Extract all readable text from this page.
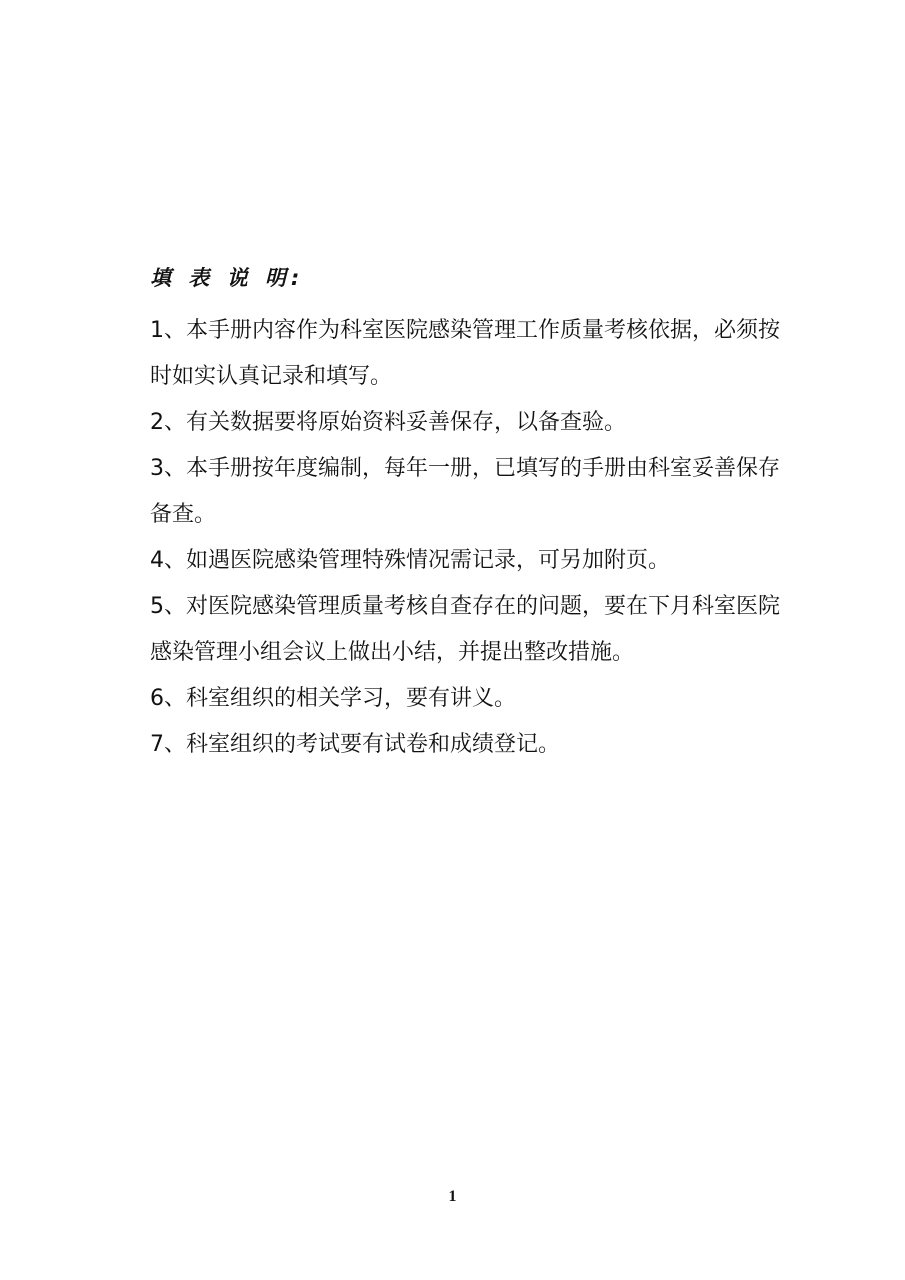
填 表 说 明:
1、本手册内容作为科室医院感染管理工作质量考核依据，必须按时如实认真记录和填写。
2、有关数据要将原始资料妥善保存，以备查验。
3、本手册按年度编制，每年一册，已填写的手册由科室妥善保存备查。
4、如遇医院感染管理特殊情况需记录，可另加附页。
5、对医院感染管理质量考核自查存在的问题，要在下月科室医院感染管理小组会议上做出小结，并提出整改措施。
6、科室组织的相关学习，要有讲义。
7、科室组织的考试要有试卷和成绩登记。
1
